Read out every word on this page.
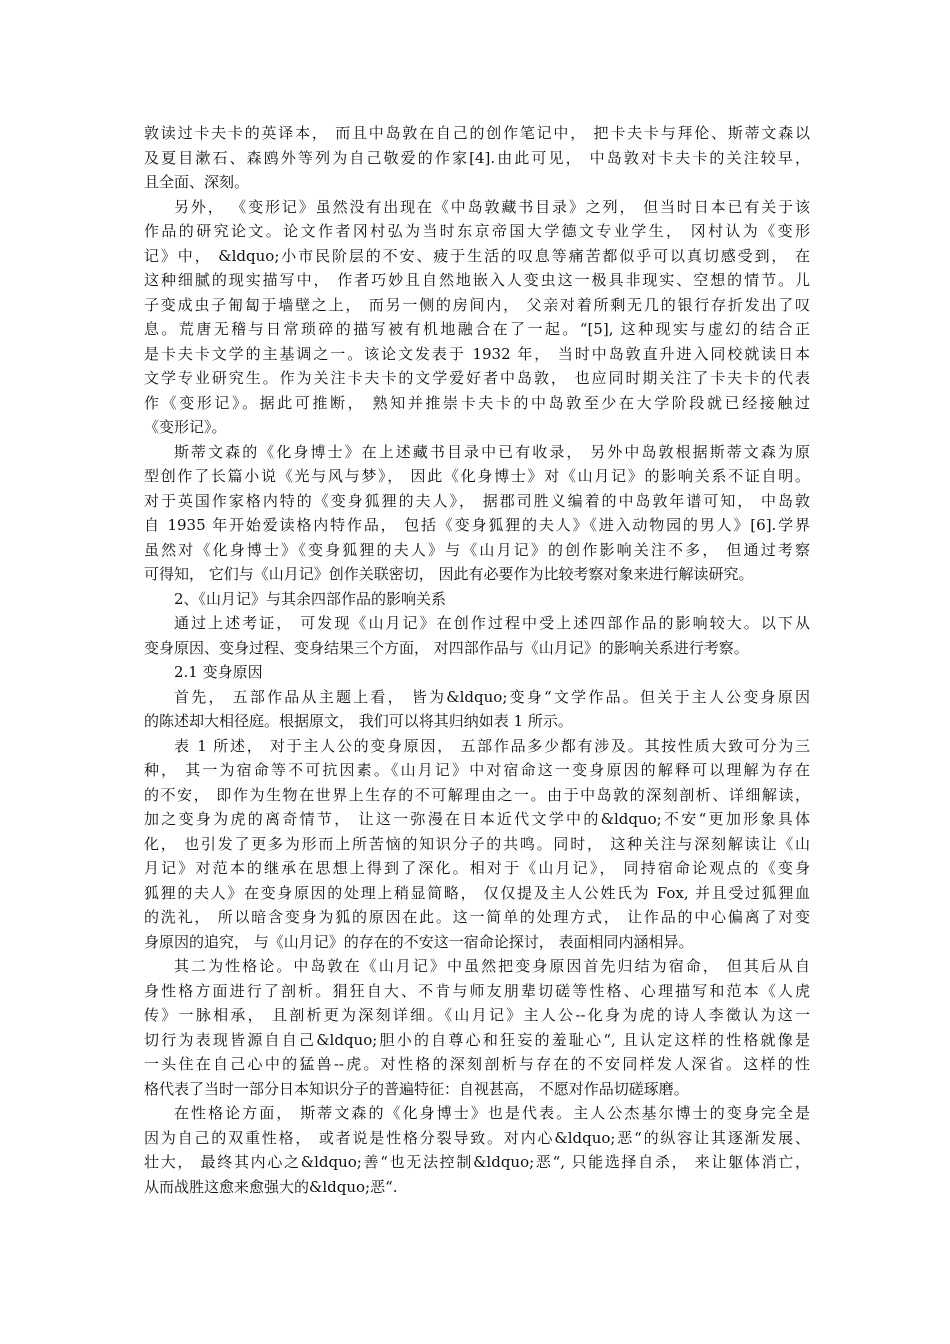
敦读过卡夫卡的英译本， 而且中岛敦在自己的创作笔记中， 把卡夫卡与拜伦、斯蒂文森以
及夏目漱石、森鸥外等列为自己敬爱的作家[4].由此可见， 中岛敦对卡夫卡的关注较早，
且全面、深刻。
另外， 《变形记》虽然没有出现在《中岛敦藏书目录》之列， 但当时日本已有关于该
作品的研究论文。论文作者冈村弘为当时东京帝国大学德文专业学生， 冈村认为《变形
记》中， &ldquo;小市民阶层的不安、疲于生活的叹息等痛苦都似乎可以真切感受到， 在
这种细腻的现实描写中， 作者巧妙且自然地嵌入人变虫这一极具非现实、空想的情节。儿
子变成虫子匍匐于墙壁之上， 而另一侧的房间内， 父亲对着所剩无几的银行存折发出了叹
息。荒唐无稽与日常琐碎的描写被有机地融合在了一起。“[5], 这种现实与虚幻的结合正
是卡夫卡文学的主基调之一。该论文发表于 1932 年， 当时中岛敦直升进入同校就读日本
文学专业研究生。作为关注卡夫卡的文学爱好者中岛敦， 也应同时期关注了卡夫卡的代表
作《变形记》。据此可推断， 熟知并推崇卡夫卡的中岛敦至少在大学阶段就已经接触过
《变形记》。
斯蒂文森的《化身博士》在上述藏书目录中已有收录， 另外中岛敦根据斯蒂文森为原
型创作了长篇小说《光与风与梦》， 因此《化身博士》对《山月记》的影响关系不证自明。
对于英国作家格内特的《变身狐狸的夫人》， 据郡司胜义编着的中岛敦年谱可知， 中岛敦
自 1935 年开始爱读格内特作品， 包括《变身狐狸的夫人》《进入动物园的男人》[6].学界
虽然对《化身博士》《变身狐狸的夫人》与《山月记》的创作影响关注不多， 但通过考察
可得知， 它们与《山月记》创作关联密切， 因此有必要作为比较考察对象来进行解读研究。
2、《山月记》与其余四部作品的影响关系
通过上述考证， 可发现《山月记》在创作过程中受上述四部作品的影响较大。以下从
变身原因、变身过程、变身结果三个方面， 对四部作品与《山月记》的影响关系进行考察。
2.1 变身原因
首先， 五部作品从主题上看， 皆为&ldquo;变身“文学作品。但关于主人公变身原因
的陈述却大相径庭。根据原文， 我们可以将其归纳如表 1 所示。
表 1 所述， 对于主人公的变身原因， 五部作品多少都有涉及。其按性质大致可分为三
种， 其一为宿命等不可抗因素。《山月记》中对宿命这一变身原因的解释可以理解为存在
的不安， 即作为生物在世界上生存的不可解理由之一。由于中岛敦的深刻剖析、详细解读，
加之变身为虎的离奇情节， 让这一弥漫在日本近代文学中的&ldquo;不安“更加形象具体
化， 也引发了更多为形而上所苦恼的知识分子的共鸣。同时， 这种关注与深刻解读让《山
月记》对范本的继承在思想上得到了深化。相对于《山月记》， 同持宿命论观点的《变身
狐狸的夫人》在变身原因的处理上稍显简略， 仅仅提及主人公姓氏为 Fox, 并且受过狐狸血
的洗礼， 所以暗含变身为狐的原因在此。这一简单的处理方式， 让作品的中心偏离了对变
身原因的追究， 与《山月记》的存在的不安这一宿命论探讨， 表面相同内涵相异。
其二为性格论。中岛敦在《山月记》中虽然把变身原因首先归结为宿命， 但其后从自
身性格方面进行了剖析。狷狂自大、不肯与师友朋辈切磋等性格、心理描写和范本《人虎
传》一脉相承， 且剖析更为深刻详细。《山月记》主人公--化身为虎的诗人李徵认为这一
切行为表现皆源自自己&ldquo;胆小的自尊心和狂妄的羞耻心“, 且认定这样的性格就像是
一头住在自己心中的猛兽--虎。对性格的深刻剖析与存在的不安同样发人深省。这样的性
格代表了当时一部分日本知识分子的普遍特征：自视甚高， 不愿对作品切磋琢磨。
在性格论方面， 斯蒂文森的《化身博士》也是代表。主人公杰基尔博士的变身完全是
因为自己的双重性格， 或者说是性格分裂导致。对内心&ldquo;恶“的纵容让其逐渐发展、
壮大， 最终其内心之&ldquo;善“也无法控制&ldquo;恶“, 只能选择自杀， 来让躯体消亡，
从而战胜这愈来愈强大的&ldquo;恶“.
